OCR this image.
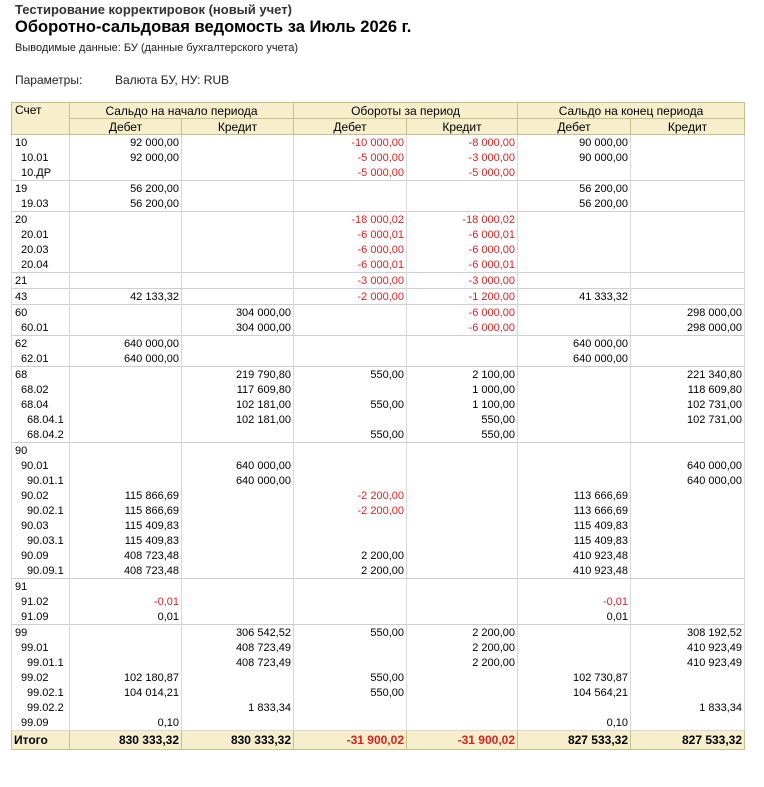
Тестирование корректировок (новый учет)
Оборотно-сальдовая ведомость за Июль 2026 г.
Выводимые данные: БУ (данные бухгалтерского учета)
Параметры:	Валюта БУ, НУ: RUB
Счет	Сальдо на начало периода		Обороты за период		Сальдо на конец периода	
	Дебет	Кредит	Дебет	Кредит	Дебет	Кредит
10	92 000,00		-10 000,00	-8 000,00	90 000,00	
10.01	92 000,00		-5 000,00	-3 000,00	90 000,00	
10.ДР			-5 000,00	-5 000,00		
19	56 200,00				56 200,00	
19.03	56 200,00				56 200,00	
20			-18 000,02	-18 000,02		
20.01			-6 000,01	-6 000,01		
20.03			-6 000,00	-6 000,00		
20.04			-6 000,01	-6 000,01		
21			-3 000,00	-3 000,00		
43	42 133,32		-2 000,00	-1 200,00	41 333,32	
60		304 000,00		-6 000,00		298 000,00
60.01		304 000,00		-6 000,00		298 000,00
62	640 000,00				640 000,00	
62.01	640 000,00				640 000,00	
68		219 790,80	550,00	2 100,00		221 340,80
68.02		117 609,80		1 000,00		118 609,80
68.04		102 181,00	550,00	1 100,00		102 731,00
68.04.1		102 181,00		550,00		102 731,00
68.04.2			550,00	550,00		
90						
90.01		640 000,00				640 000,00
90.01.1		640 000,00				640 000,00
90.02	115 866,69		-2 200,00		113 666,69	
90.02.1	115 866,69		-2 200,00		113 666,69	
90.03	115 409,83				115 409,83	
90.03.1	115 409,83				115 409,83	
90.09	408 723,48		2 200,00		410 923,48	
90.09.1	408 723,48		2 200,00		410 923,48	
91						
91.02	-0,01				-0,01	
91.09	0,01				0,01	
99		306 542,52	550,00	2 200,00		308 192,52
99.01		408 723,49		2 200,00		410 923,49
99.01.1		408 723,49		2 200,00		410 923,49
99.02	102 180,87		550,00		102 730,87	
99.02.1	104 014,21		550,00		104 564,21	
99.02.2		1 833,34				1 833,34
99.09	0,10				0,10	
Итого	830 333,32	830 333,32	-31 900,02	-31 900,02	827 533,32	827 533,32
